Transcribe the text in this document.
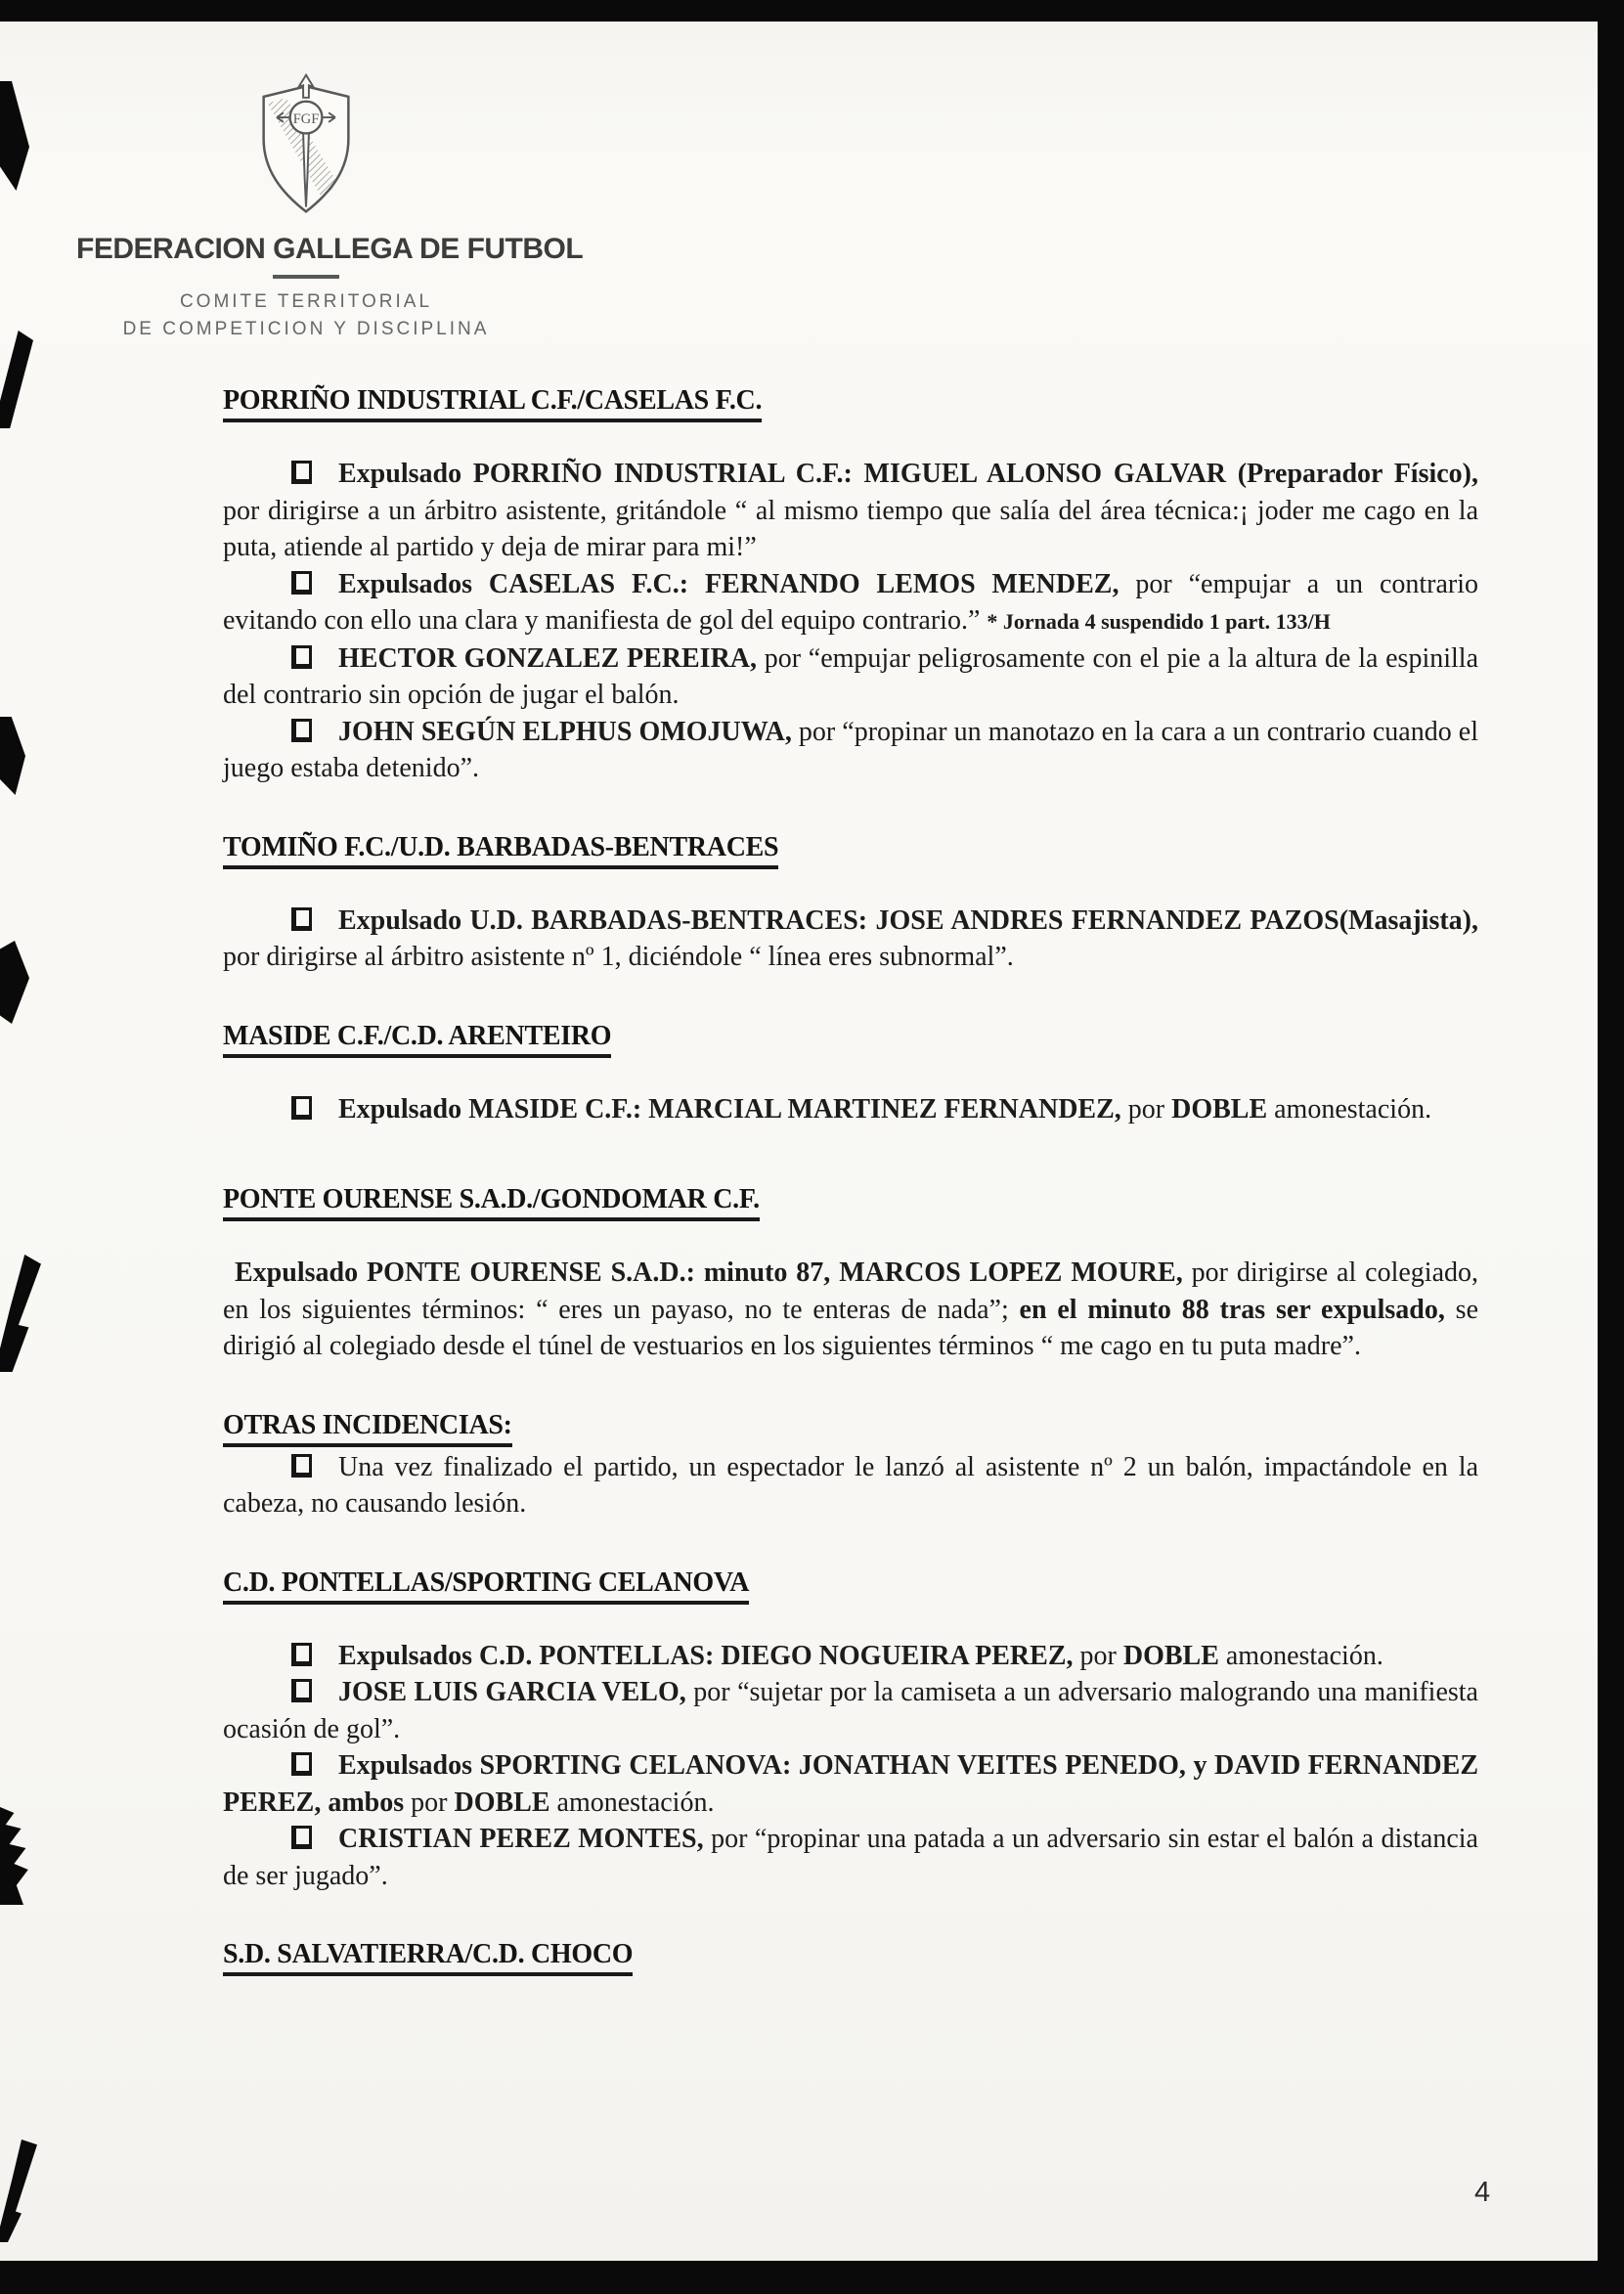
FGF
FEDERACION GALLEGA DE FUTBOL
COMITE TERRITORIAL
DE COMPETICION Y DISCIPLINA
PORRIÑO INDUSTRIAL C.F./CASELAS F.C.

Expulsado PORRIÑO INDUSTRIAL C.F.: MIGUEL ALONSO GALVAR (Preparador Físico), por dirigirse a un árbitro asistente, gritándole “ al mismo tiempo que salía del área técnica:¡ joder me cago en la puta, atiende al partido y deja de mirar para mi!”

Expulsados CASELAS F.C.: FERNANDO LEMOS MENDEZ, por “empujar a un contrario evitando con ello una clara y manifiesta de gol del equipo contrario.” * Jornada 4 suspendido 1 part. 133/H

HECTOR GONZALEZ PEREIRA, por “empujar peligrosamente con el pie a la altura de la espinilla del contrario sin opción de jugar el balón.

JOHN SEGÚN ELPHUS OMOJUWA, por “propinar un manotazo en la cara a un contrario cuando el juego estaba detenido”.

TOMIÑO F.C./U.D. BARBADAS-BENTRACES

Expulsado U.D. BARBADAS-BENTRACES: JOSE ANDRES FERNANDEZ PAZOS(Masajista), por dirigirse al árbitro asistente nº 1, diciéndole “ línea eres subnormal”.

MASIDE C.F./C.D. ARENTEIRO

Expulsado MASIDE C.F.: MARCIAL MARTINEZ FERNANDEZ, por DOBLE amonestación.

PONTE OURENSE S.A.D./GONDOMAR C.F.

Expulsado PONTE OURENSE S.A.D.: minuto 87, MARCOS LOPEZ MOURE, por dirigirse al colegiado, en los siguientes términos: “ eres un payaso, no te enteras de nada”; en el minuto 88 tras ser expulsado, se dirigió al colegiado desde el túnel de vestuarios en los siguientes términos “ me cago en tu puta madre”.

OTRAS INCIDENCIAS:

Una vez finalizado el partido, un espectador le lanzó al asistente nº 2 un balón, impactándole en la cabeza, no causando lesión.

C.D. PONTELLAS/SPORTING CELANOVA

Expulsados C.D. PONTELLAS: DIEGO NOGUEIRA PEREZ, por DOBLE amonestación.

JOSE LUIS GARCIA VELO, por “sujetar por la camiseta a un adversario malogrando una manifiesta ocasión de gol”.

Expulsados SPORTING CELANOVA: JONATHAN VEITES PENEDO, y DAVID FERNANDEZ PEREZ, ambos por DOBLE amonestación.

CRISTIAN PEREZ MONTES, por “propinar una patada a un adversario sin estar el balón a distancia de ser jugado”.

S.D. SALVATIERRA/C.D. CHOCO
4
